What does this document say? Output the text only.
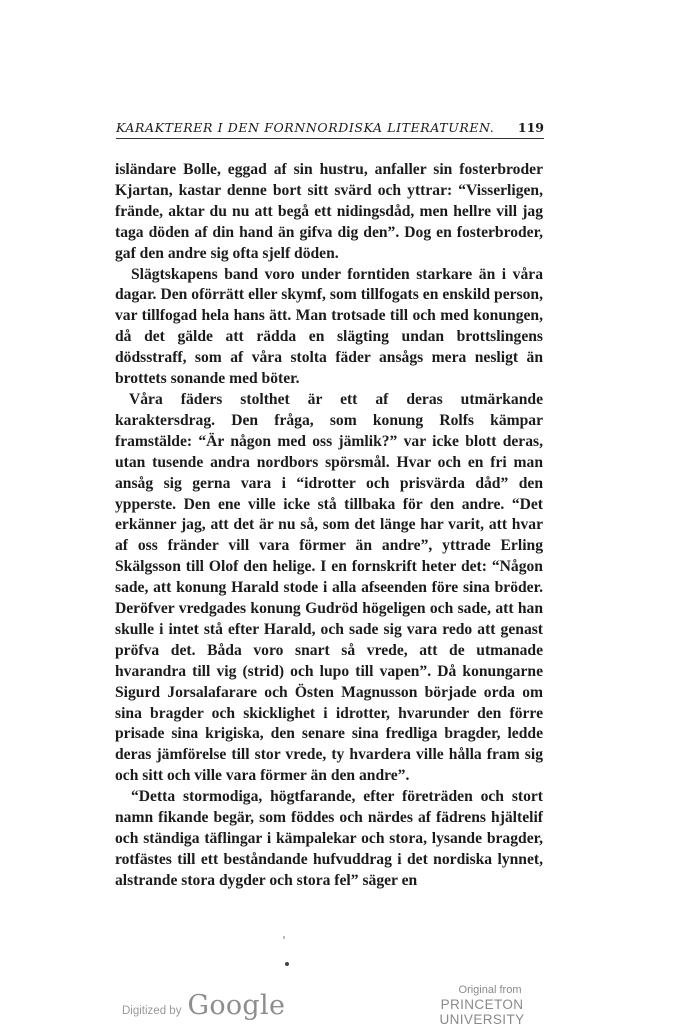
KARAKTERER I DEN FORNNORDISKA LITERATUREN. 119

isländare Bolle, eggad af sin hustru, anfaller sin fosterbroder Kjartan, kastar denne bort sitt svärd och yttrar: “Visserligen, frände, aktar du nu att begå ett nidingsdåd, men hellre vill jag taga döden af din hand än gifva dig den”. Dog en fosterbroder, gaf den andre sig ofta sjelf döden.

Slägtskapens band voro under forntiden starkare än i våra dagar. Den oförrätt eller skymf, som tillfogats en enskild person, var tillfogad hela hans ätt. Man trotsade till och med konungen, då det gälde att rädda en slägting undan brottslingens dödsstraff, som af våra stolta fäder ansågs mera nesligt än brottets sonande med böter.

Våra fäders stolthet är ett af deras utmärkande karaktersdrag. Den fråga, som konung Rolfs kämpar framstälde: “Är någon med oss jämlik?” var icke blott deras, utan tusende andra nordbors spörsmål. Hvar och en fri man ansåg sig gerna vara i “idrotter och prisvärda dåd” den ypperste. Den ene ville icke stå tillbaka för den andre. “Det erkänner jag, att det är nu så, som det länge har varit, att hvar af oss fränder vill vara förmer än andre”, yttrade Erling Skälgsson till Olof den helige. I en fornskrift heter det: “Någon sade, att konung Harald stode i alla afseenden före sina bröder. Deröfver vredgades konung Gudröd högeligen och sade, att han skulle i intet stå efter Harald, och sade sig vara redo att genast pröfva det. Båda voro snart så vrede, att de utmanade hvarandra till vig (strid) och lupo till vapen”. Då konungarne Sigurd Jorsalafarare och Östen Magnusson började orda om sina bragder och skicklighet i idrotter, hvarunder den förre prisade sina krigiska, den senare sina fredliga bragder, ledde deras jämförelse till stor vrede, ty hvardera ville hålla fram sig och sitt och ville vara förmer än den andre”.

“Detta stormodiga, högtfarande, efter företräden och stort namn fikande begär, som föddes och närdes af fädrens hjältelif och ständiga täflingar i kämpalekar och stora, lysande bragder, rotfästes till ett beståndande hufvuddrag i det nordiska lynnet, alstrande stora dygder och stora fel” säger en

Digitized by Google	Original from
PRINCETON UNIVERSITY
